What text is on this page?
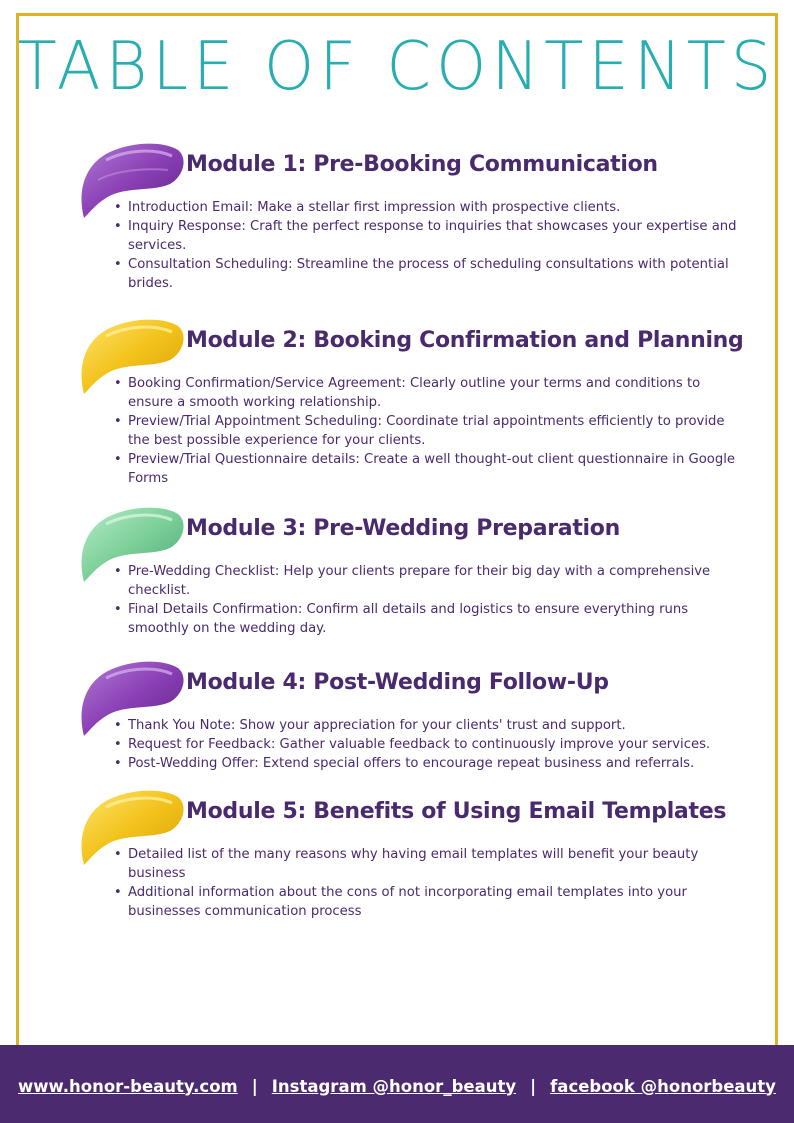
TABLE OF CONTENTS
Module 1: Pre-Booking Communication
• Introduction Email: Make a stellar first impression with prospective clients.
• Inquiry Response: Craft the perfect response to inquiries that showcases your expertise and services.
• Consultation Scheduling: Streamline the process of scheduling consultations with potential brides.
Module 2: Booking Confirmation and Planning
• Booking Confirmation/Service Agreement: Clearly outline your terms and conditions to ensure a smooth working relationship.
• Preview/Trial Appointment Scheduling: Coordinate trial appointments efficiently to provide the best possible experience for your clients.
• Preview/Trial Questionnaire details: Create a well thought-out client questionnaire in Google Forms
Module 3: Pre-Wedding Preparation
• Pre-Wedding Checklist: Help your clients prepare for their big day with a comprehensive checklist.
• Final Details Confirmation: Confirm all details and logistics to ensure everything runs smoothly on the wedding day.
Module 4: Post-Wedding Follow-Up
• Thank You Note: Show your appreciation for your clients' trust and support.
• Request for Feedback: Gather valuable feedback to continuously improve your services.
• Post-Wedding Offer: Extend special offers to encourage repeat business and referrals.
Module 5: Benefits of Using Email Templates
• Detailed list of the many reasons why having email templates will benefit your beauty business
• Additional information about the cons of not incorporating email templates into your businesses communication process
www.honor-beauty.com | Instagram @honor_beauty | facebook @honorbeauty
